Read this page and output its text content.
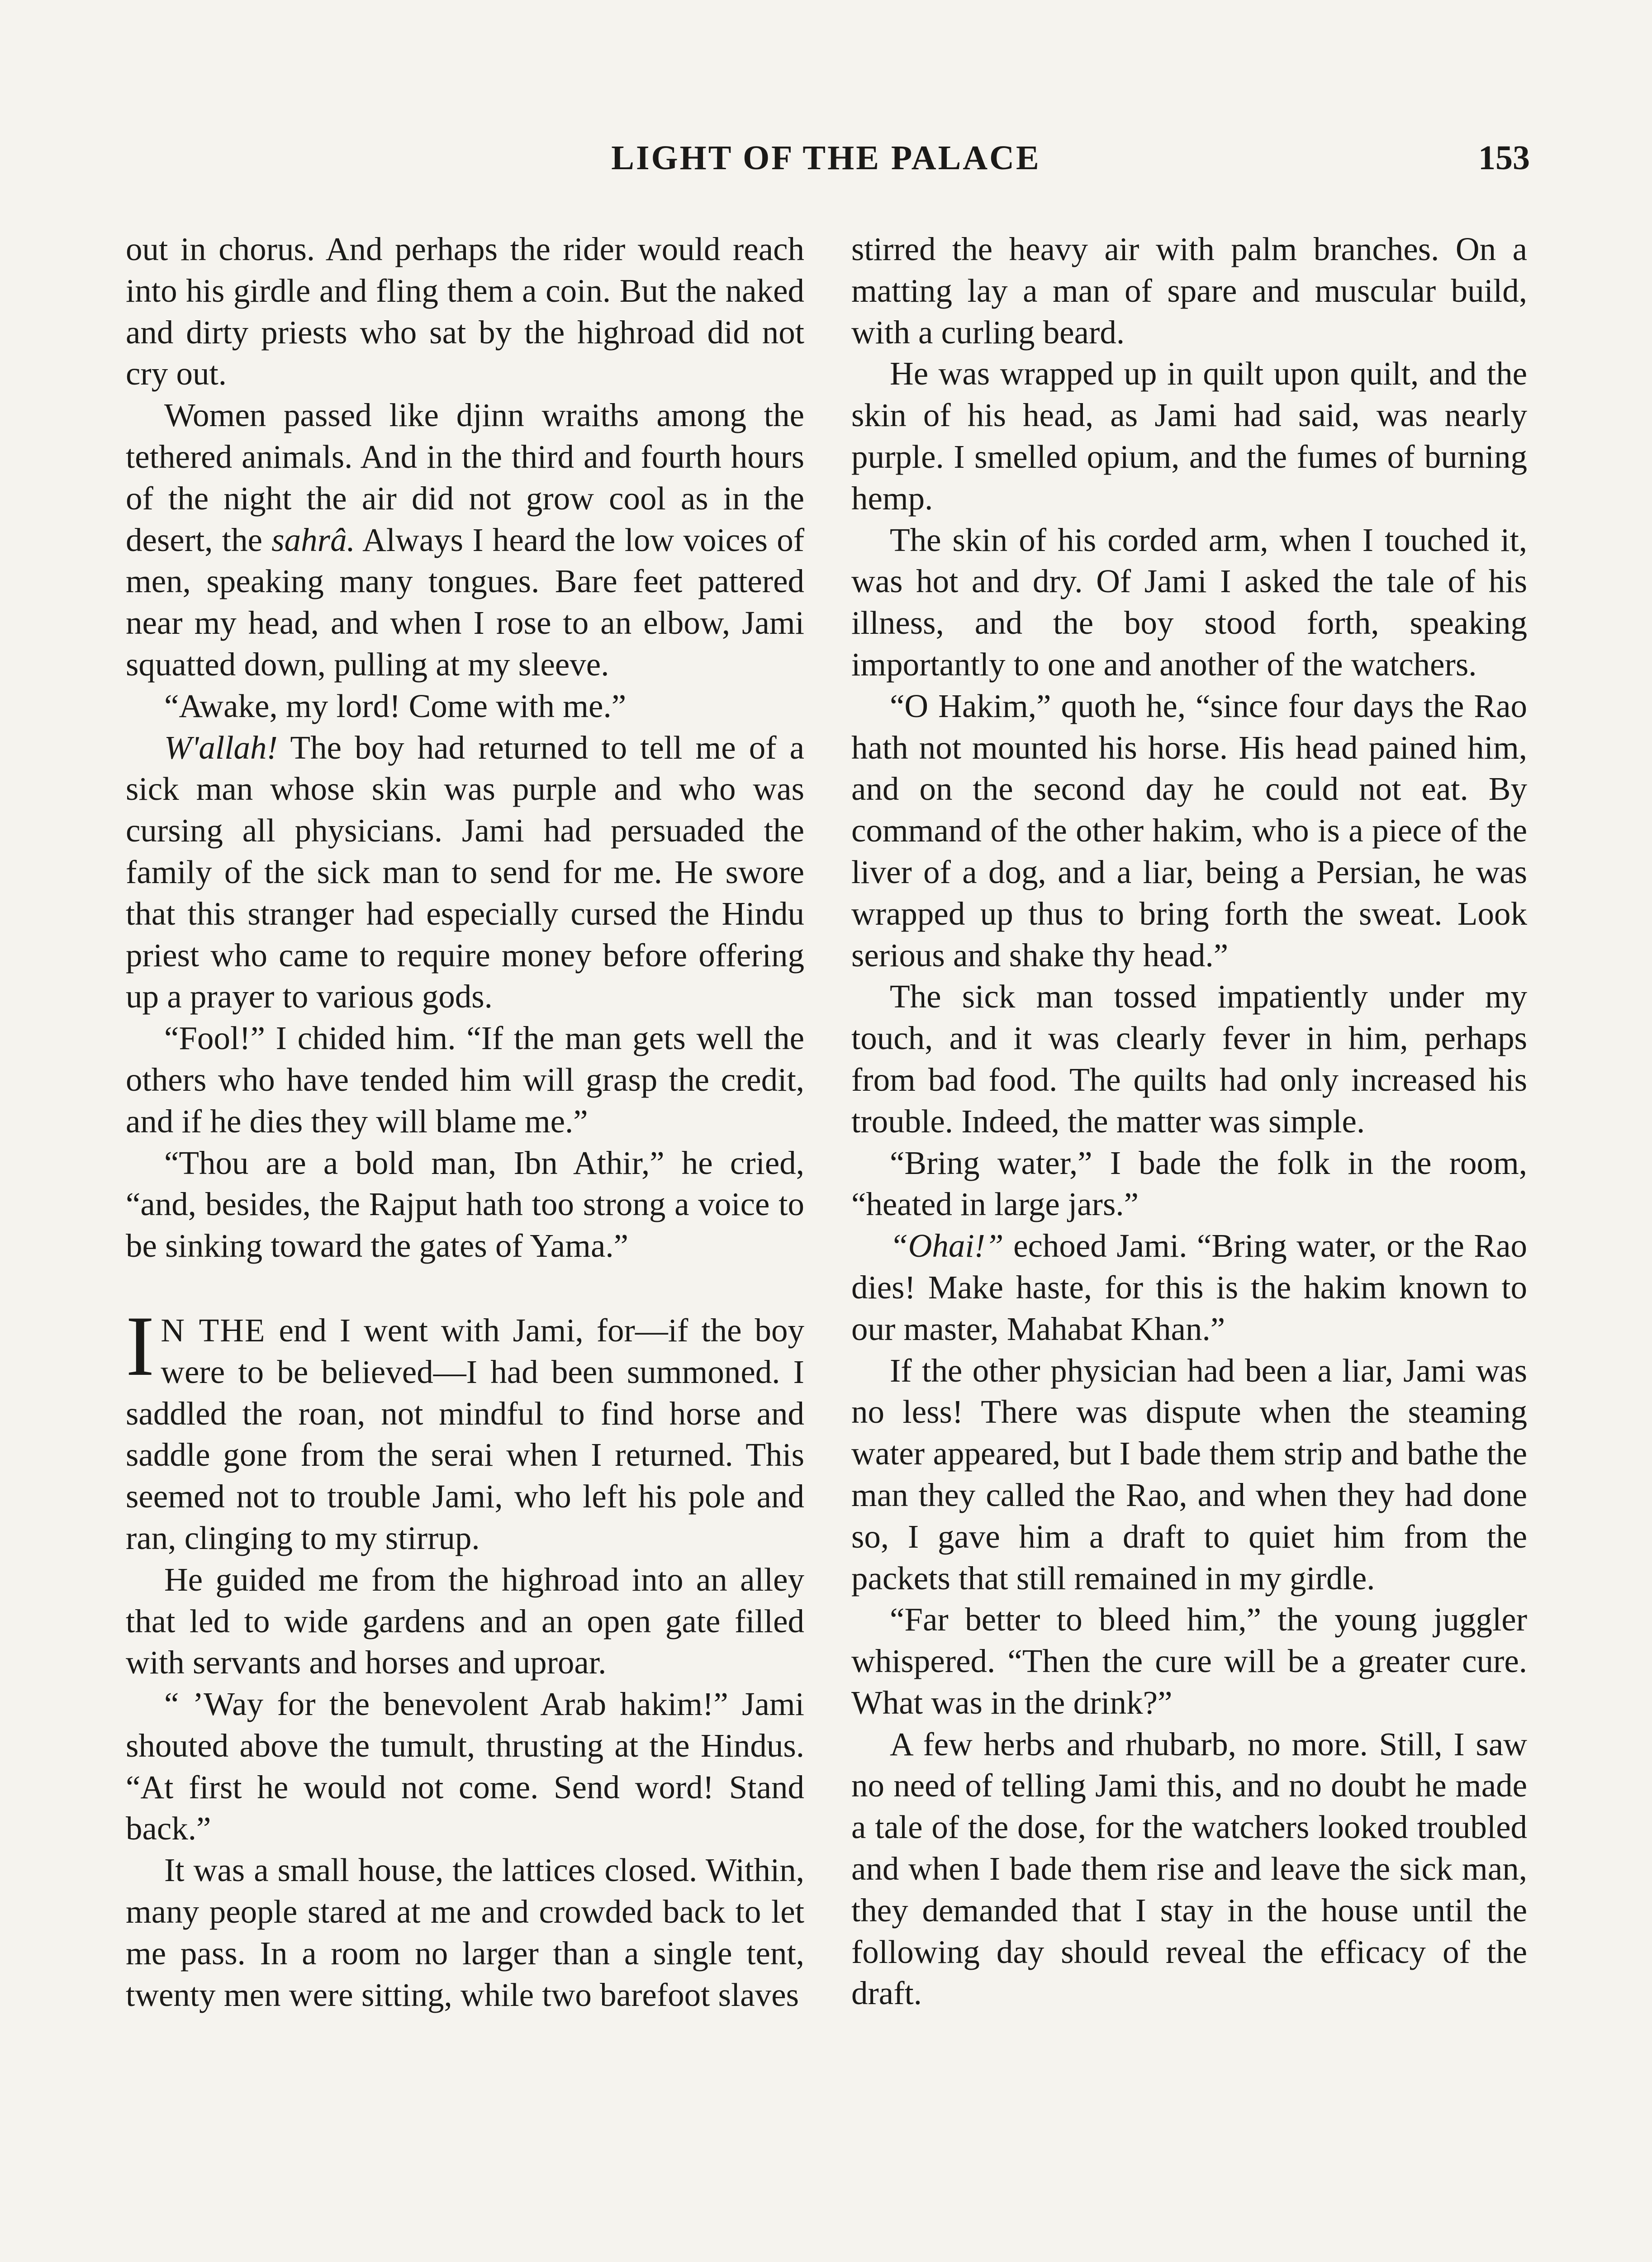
LIGHT OF THE PALACE	153

out in chorus. And perhaps the rider would reach into his girdle and fling them a coin. But the naked and dirty priests who sat by the highroad did not cry out.

Women passed like djinn wraiths among the tethered animals. And in the third and fourth hours of the night the air did not grow cool as in the desert, the sahrâ. Always I heard the low voices of men, speaking many tongues. Bare feet pattered near my head, and when I rose to an elbow, Jami squatted down, pulling at my sleeve.

“Awake, my lord! Come with me.”

W'allah! The boy had returned to tell me of a sick man whose skin was purple and who was cursing all physicians. Jami had persuaded the family of the sick man to send for me. He swore that this stranger had especially cursed the Hindu priest who came to require money before offering up a prayer to various gods.

“Fool!” I chided him. “If the man gets well the others who have tended him will grasp the credit, and if he dies they will blame me.”

“Thou are a bold man, Ibn Athir,” he cried, “and, besides, the Rajput hath too strong a voice to be sinking toward the gates of Yama.”

I N THE end I went with Jami, for—if the boy were to be believed—I had been summoned. I saddled the roan, not mindful to find horse and saddle gone from the serai when I returned. This seemed not to trouble Jami, who left his pole and ran, clinging to my stirrup.

He guided me from the highroad into an alley that led to wide gardens and an open gate filled with servants and horses and uproar.

“ ’Way for the benevolent Arab hakim!” Jami shouted above the tumult, thrusting at the Hindus. “At first he would not come. Send word! Stand back.”

It was a small house, the lattices closed. Within, many people stared at me and crowded back to let me pass. In a room no larger than a single tent, twenty men were sitting, while two barefoot slaves

stirred the heavy air with palm branches. On a matting lay a man of spare and muscular build, with a curling beard.

He was wrapped up in quilt upon quilt, and the skin of his head, as Jami had said, was nearly purple. I smelled opium, and the fumes of burning hemp.

The skin of his corded arm, when I touched it, was hot and dry. Of Jami I asked the tale of his illness, and the boy stood forth, speaking importantly to one and another of the watchers.

“O Hakim,” quoth he, “since four days the Rao hath not mounted his horse. His head pained him, and on the second day he could not eat. By command of the other hakim, who is a piece of the liver of a dog, and a liar, being a Persian, he was wrapped up thus to bring forth the sweat. Look serious and shake thy head.”

The sick man tossed impatiently under my touch, and it was clearly fever in him, perhaps from bad food. The quilts had only increased his trouble. Indeed, the matter was simple.

“Bring water,” I bade the folk in the room, “heated in large jars.”

“Ohai!” echoed Jami. “Bring water, or the Rao dies! Make haste, for this is the hakim known to our master, Mahabat Khan.”

If the other physician had been a liar, Jami was no less! There was dispute when the steaming water appeared, but I bade them strip and bathe the man they called the Rao, and when they had done so, I gave him a draft to quiet him from the packets that still remained in my girdle.

“Far better to bleed him,” the young juggler whispered. “Then the cure will be a greater cure. What was in the drink?”

A few herbs and rhubarb, no more. Still, I saw no need of telling Jami this, and no doubt he made a tale of the dose, for the watchers looked troubled and when I bade them rise and leave the sick man, they demanded that I stay in the house until the following day should reveal the efficacy of the draft.
